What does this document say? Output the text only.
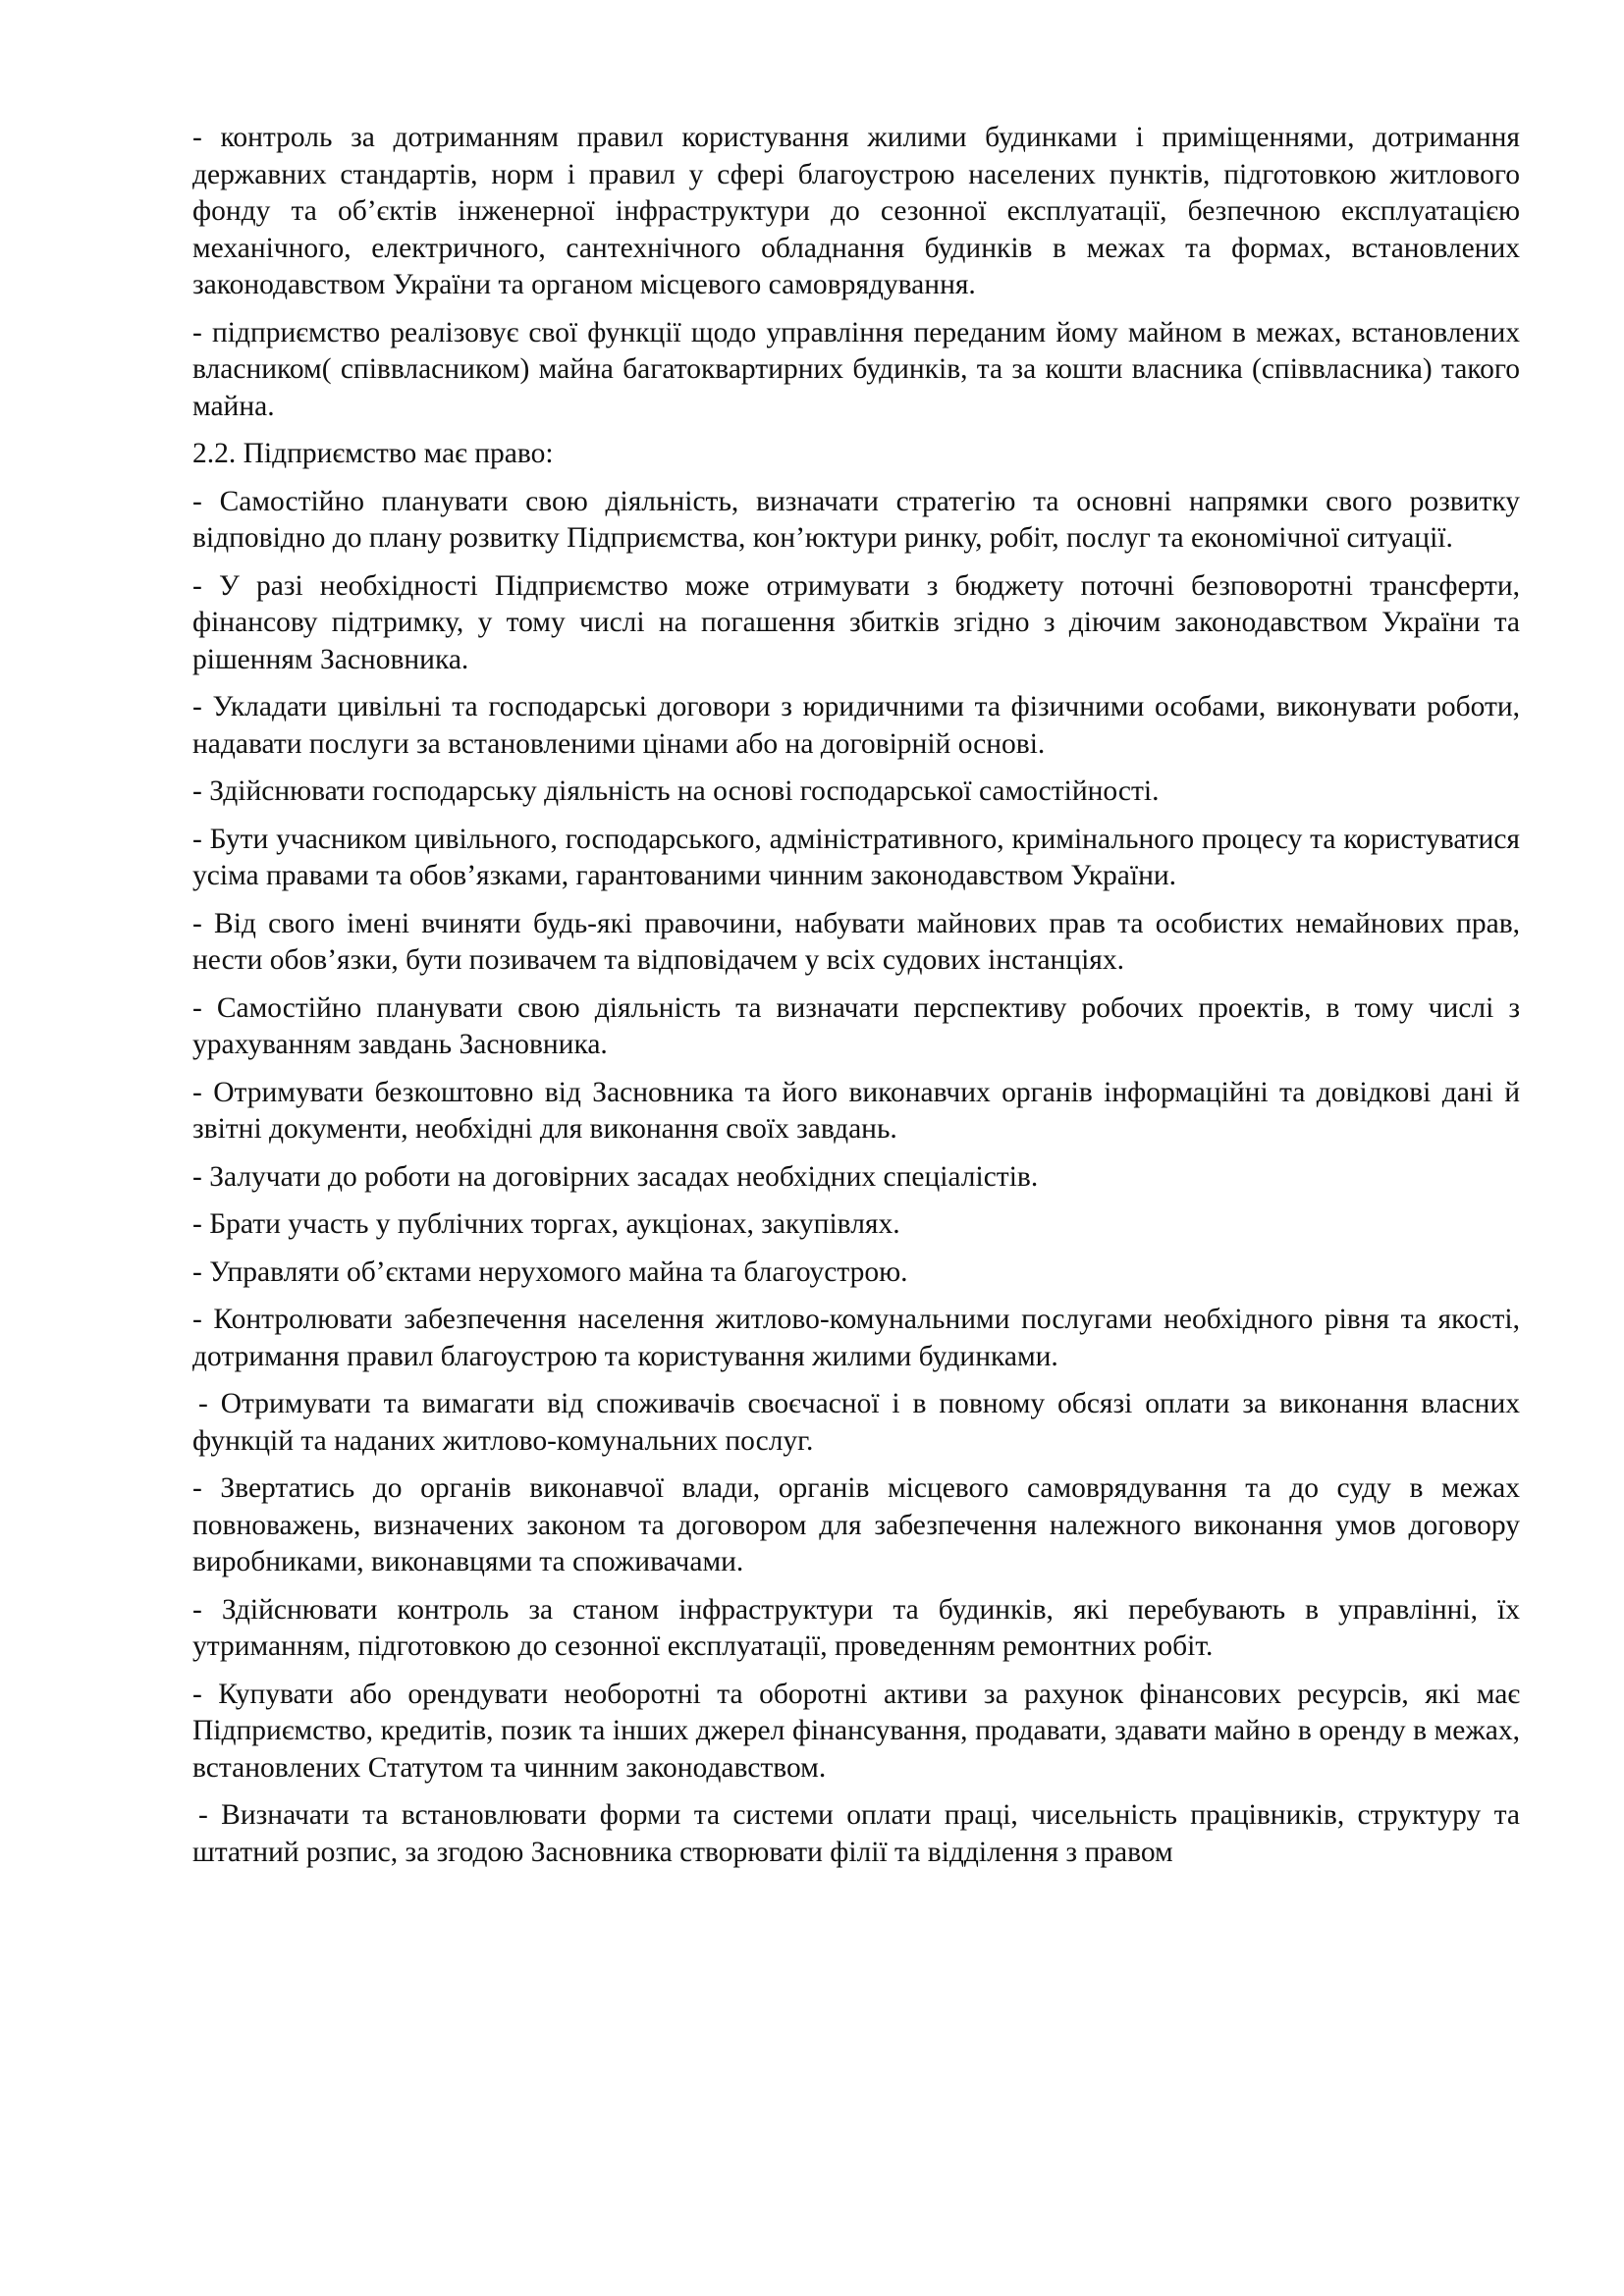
- контроль за дотриманням правил користування жилими будинками і приміщеннями, дотримання державних стандартів, норм і правил у сфері благоустрою населених пунктів, підготовкою житлового фонду та об’єктів інженерної інфраструктури до сезонної експлуатації, безпечною експлуатацією механічного, електричного, сантехнічного обладнання будинків в межах та формах, встановлених законодавством України та органом місцевого самоврядування.

- підприємство реалізовує свої функції щодо управління переданим йому майном в межах, встановлених власником( співвласником) майна багатоквартирних будинків, та за кошти власника (співвласника) такого майна.

2.2. Підприємство має право:

- Самостійно планувати свою діяльність, визначати стратегію та основні напрямки свого розвитку відповідно до плану розвитку Підприємства, кон’юктури ринку, робіт, послуг та економічної ситуації.

- У разі необхідності Підприємство може отримувати з бюджету поточні безповоротні трансферти, фінансову підтримку, у тому числі на погашення збитків згідно з діючим законодавством України та рішенням Засновника.

- Укладати цивільні та господарські договори з юридичними та фізичними особами, виконувати роботи, надавати послуги за встановленими цінами або на договірній основі.

- Здійснювати господарську діяльність на основі господарської самостійності.

- Бути учасником цивільного, господарського, адміністративного, кримінального процесу та користуватися усіма правами та обов’язками, гарантованими чинним законодавством України.

- Від свого імені вчиняти будь-які правочини, набувати майнових прав та особистих немайнових прав, нести обов’язки, бути позивачем та відповідачем у всіх судових інстанціях.

- Самостійно планувати свою діяльність та визначати перспективу робочих проектів, в тому числі з урахуванням завдань Засновника.

- Отримувати безкоштовно від Засновника та його виконавчих органів інформаційні та довідкові дані й звітні документи, необхідні для виконання своїх завдань.

- Залучати до роботи на договірних засадах необхідних спеціалістів.

- Брати участь у публічних торгах, аукціонах, закупівлях.

- Управляти об’єктами нерухомого майна та благоустрою.

- Контролювати забезпечення населення житлово-комунальними послугами необхідного рівня та якості, дотримання правил благоустрою та користування жилими будинками.

- Отримувати та вимагати від споживачів своєчасної і в повному обсязі оплати за виконання власних функцій та наданих житлово-комунальних послуг.

- Звертатись до органів виконавчої влади, органів місцевого самоврядування та до суду в межах повноважень, визначених законом та договором для забезпечення належного виконання умов договору виробниками, виконавцями та споживачами.

- Здійснювати контроль за станом інфраструктури та будинків, які перебувають в управлінні, їх утриманням, підготовкою до сезонної експлуатації, проведенням ремонтних робіт.

- Купувати або орендувати необоротні та оборотні активи за рахунок фінансових ресурсів, які має Підприємство, кредитів, позик та інших джерел фінансування, продавати, здавати майно в оренду в межах, встановлених Статутом та чинним законодавством.

- Визначати та встановлювати форми та системи оплати праці, чисельність працівників, структуру та штатний розпис, за згодою Засновника створювати філії та відділення з правом
